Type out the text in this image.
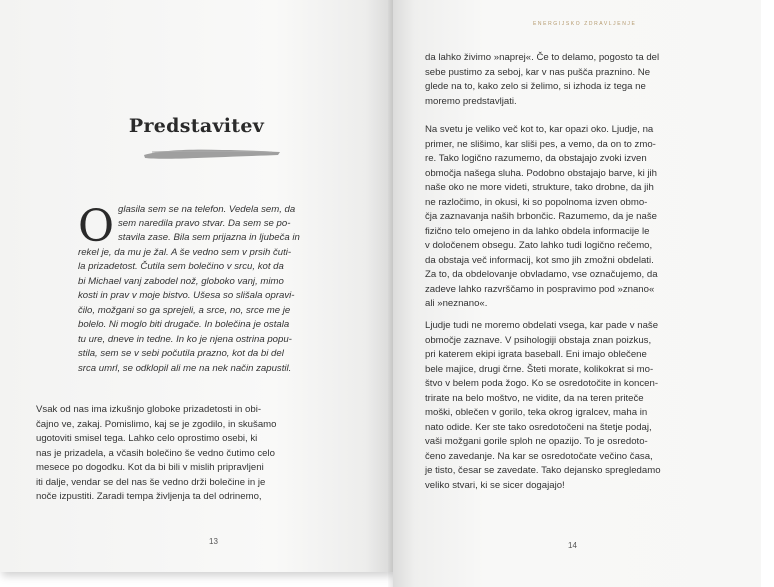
Predstavitev
O glasila sem se na telefon. Vedela sem, da

sem naredila pravo stvar. Da sem se po-

stavila zase. Bila sem prijazna in ljubeča in

rekel je, da mu je žal. A še vedno sem v prsih čuti-

la prizadetost. Čutila sem bolečino v srcu, kot da

bi Michael vanj zabodel nož, globoko vanj, mimo

kosti in prav v moje bistvo. Ušesa so slišala opravi-

čilo, možgani so ga sprejeli, a srce, no, srce me je

bolelo. Ni moglo biti drugače. In bolečina je ostala

tu ure, dneve in tedne. In ko je njena ostrina popu-

stila, sem se v sebi počutila prazno, kot da bi del

srca umrl, se odklopil ali me na nek način zapustil.

Vsak od nas ima izkušnjo globoke prizadetosti in obi-

čajno ve, zakaj. Pomislimo, kaj se je zgodilo, in skušamo

ugotoviti smisel tega. Lahko celo oprostimo osebi, ki

nas je prizadela, a včasih bolečino še vedno čutimo celo

mesece po dogodku. Kot da bi bili v mislih pripravljeni

iti dalje, vendar se del nas še vedno drži bolečine in je

noče izpustiti. Zaradi tempa življenja ta del odrinemo,

13

ENERGIJSKO ZDRAVLJENJE

da lahko živimo »naprej«. Če to delamo, pogosto ta del

sebe pustimo za seboj, kar v nas pušča praznino. Ne

glede na to, kako zelo si želimo, si izhoda iz tega ne

moremo predstavljati.

Na svetu je veliko več kot to, kar opazi oko. Ljudje, na

primer, ne slišimo, kar sliši pes, a vemo, da on to zmo-

re. Tako logično razumemo, da obstajajo zvoki izven

območja našega sluha. Podobno obstajajo barve, ki jih

naše oko ne more videti, strukture, tako drobne, da jih

ne razločimo, in okusi, ki so popolnoma izven obmo-

čja zaznavanja naših brbončic. Razumemo, da je naše

fizično telo omejeno in da lahko obdela informacije le

v določenem obsegu. Zato lahko tudi logično rečemo,

da obstaja več informacij, kot smo jih zmožni obdelati.

Za to, da obdelovanje obvladamo, vse označujemo, da

zadeve lahko razvrščamo in pospravimo pod »znano«

ali »neznano«.

Ljudje tudi ne moremo obdelati vsega, kar pade v naše

območje zaznave. V psihologiji obstaja znan poizkus,

pri katerem ekipi igrata baseball. Eni imajo oblečene

bele majice, drugi črne. Šteti morate, kolikokrat si mo-

štvo v belem poda žogo. Ko se osredotočite in koncen-

trirate na belo moštvo, ne vidite, da na teren priteče

moški, oblečen v gorilo, teka okrog igralcev, maha in

nato odide. Ker ste tako osredotočeni na štetje podaj,

vaši možgani gorile sploh ne opazijo. To je osredoto-

čeno zavedanje. Na kar se osredotočate večino časa,

je tisto, česar se zavedate. Tako dejansko spregledamo

veliko stvari, ki se sicer dogajajo!

14
